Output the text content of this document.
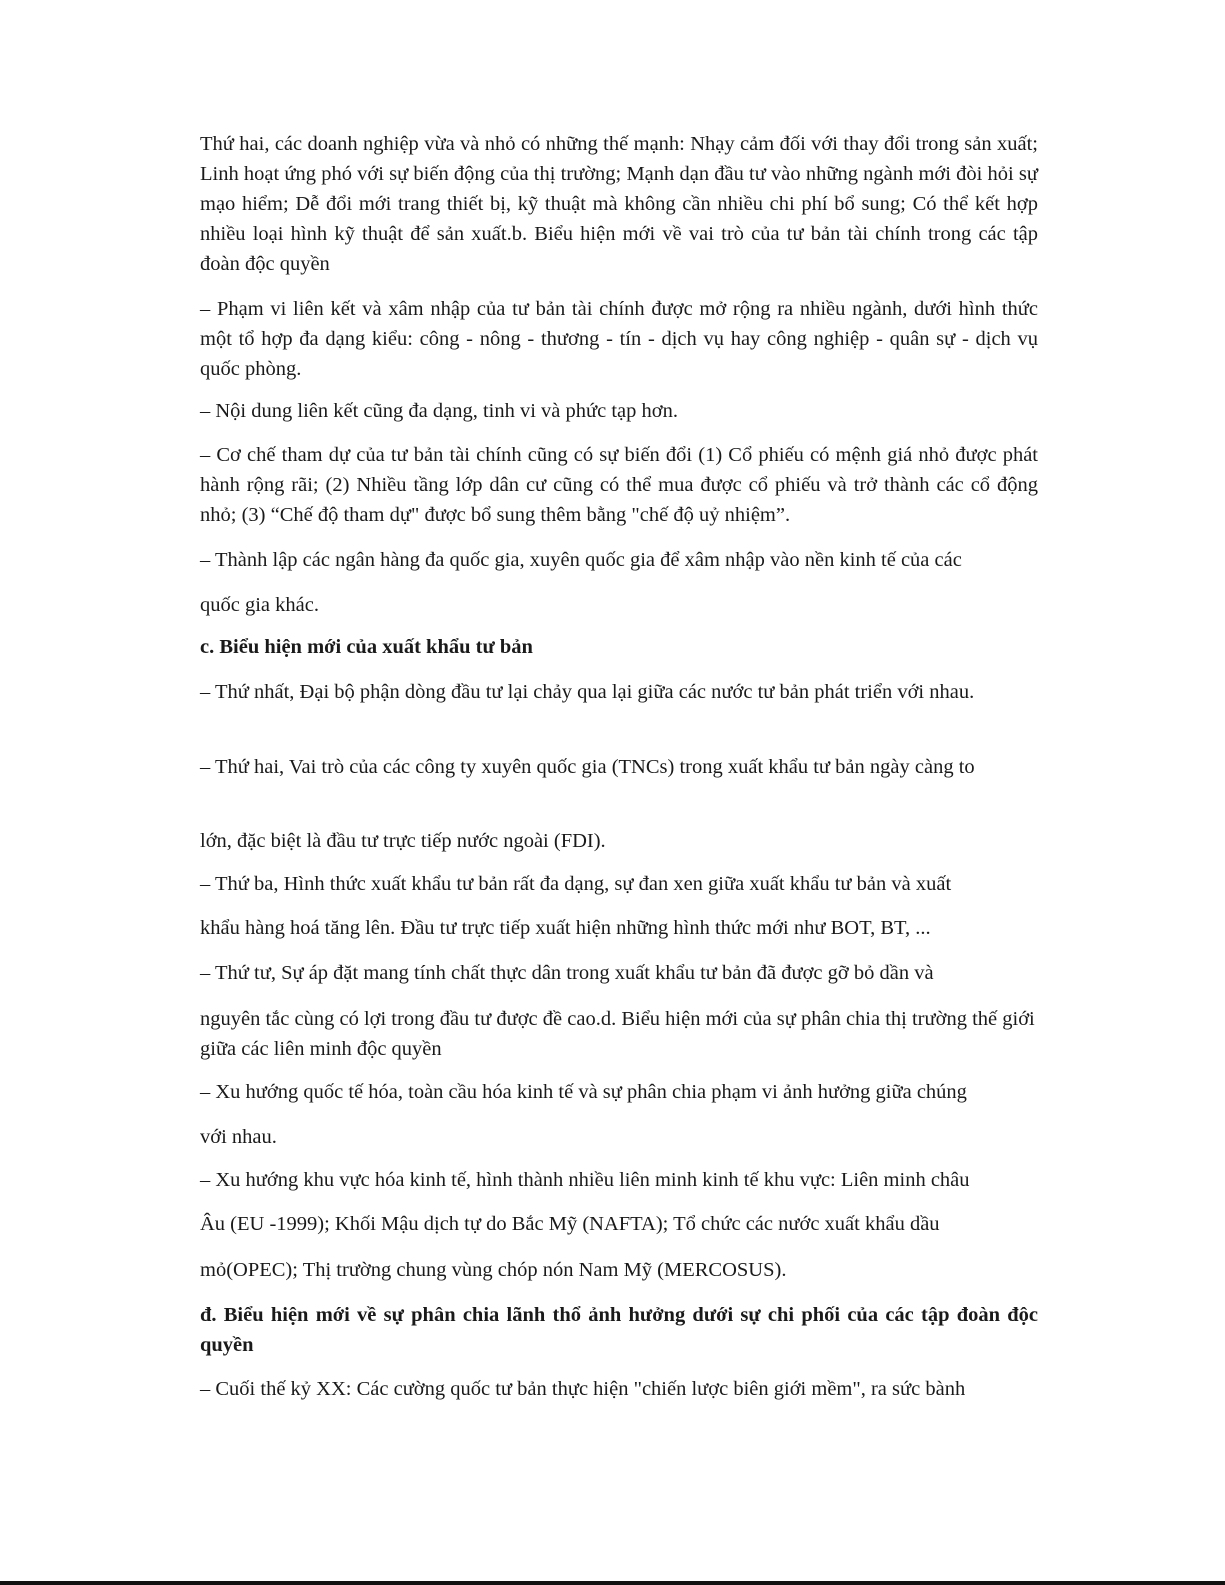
Thứ hai, các doanh nghiệp vừa và nhỏ có những thế mạnh: Nhạy cảm đối với thay đổi trong sản xuất; Linh hoạt ứng phó với sự biến động của thị trường; Mạnh dạn đầu tư vào những ngành mới đòi hỏi sự mạo hiểm; Dễ đổi mới trang thiết bị, kỹ thuật mà không cần nhiều chi phí bổ sung; Có thể kết hợp nhiều loại hình kỹ thuật để sản xuất.b. Biểu hiện mới về vai trò của tư bản tài chính trong các tập đoàn độc quyền

– Phạm vi liên kết và xâm nhập của tư bản tài chính được mở rộng ra nhiều ngành, dưới hình thức một tổ hợp đa dạng kiểu: công - nông - thương - tín - dịch vụ hay công nghiệp - quân sự - dịch vụ quốc phòng.

– Nội dung liên kết cũng đa dạng, tinh vi và phức tạp hơn.

– Cơ chế tham dự của tư bản tài chính cũng có sự biến đổi (1) Cổ phiếu có mệnh giá nhỏ được phát hành rộng rãi; (2) Nhiều tầng lớp dân cư cũng có thể mua được cổ phiếu và trở thành các cổ động nhỏ; (3) “Chế độ tham dự" được bổ sung thêm bằng "chế độ uỷ nhiệm”.

– Thành lập các ngân hàng đa quốc gia, xuyên quốc gia để xâm nhập vào nền kinh tế của các

quốc gia khác.

c. Biểu hiện mới của xuất khẩu tư bản

– Thứ nhất, Đại bộ phận dòng đầu tư lại chảy qua lại giữa các nước tư bản phát triển với nhau.

– Thứ hai, Vai trò của các công ty xuyên quốc gia (TNCs) trong xuất khẩu tư bản ngày càng to

lớn, đặc biệt là đầu tư trực tiếp nước ngoài (FDI).

– Thứ ba, Hình thức xuất khẩu tư bản rất đa dạng, sự đan xen giữa xuất khẩu tư bản và xuất

khẩu hàng hoá tăng lên. Đầu tư trực tiếp xuất hiện những hình thức mới như BOT, BT, ...

– Thứ tư, Sự áp đặt mang tính chất thực dân trong xuất khẩu tư bản đã được gỡ bỏ dần và

nguyên tắc cùng có lợi trong đầu tư được đề cao.d. Biểu hiện mới của sự phân chia thị trường thế giới giữa các liên minh độc quyền

– Xu hướng quốc tế hóa, toàn cầu hóa kinh tế và sự phân chia phạm vi ảnh hưởng giữa chúng

với nhau.

– Xu hướng khu vực hóa kinh tế, hình thành nhiều liên minh kinh tế khu vực: Liên minh châu

Âu (EU -1999); Khối Mậu dịch tự do Bắc Mỹ (NAFTA); Tổ chức các nước xuất khẩu dầu

mỏ(OPEC); Thị trường chung vùng chóp nón Nam Mỹ (MERCOSUS).

đ. Biểu hiện mới về sự phân chia lãnh thổ ảnh hưởng dưới sự chi phối của các tập đoàn độc quyền

– Cuối thế kỷ XX: Các cường quốc tư bản thực hiện "chiến lược biên giới mềm", ra sức bành
